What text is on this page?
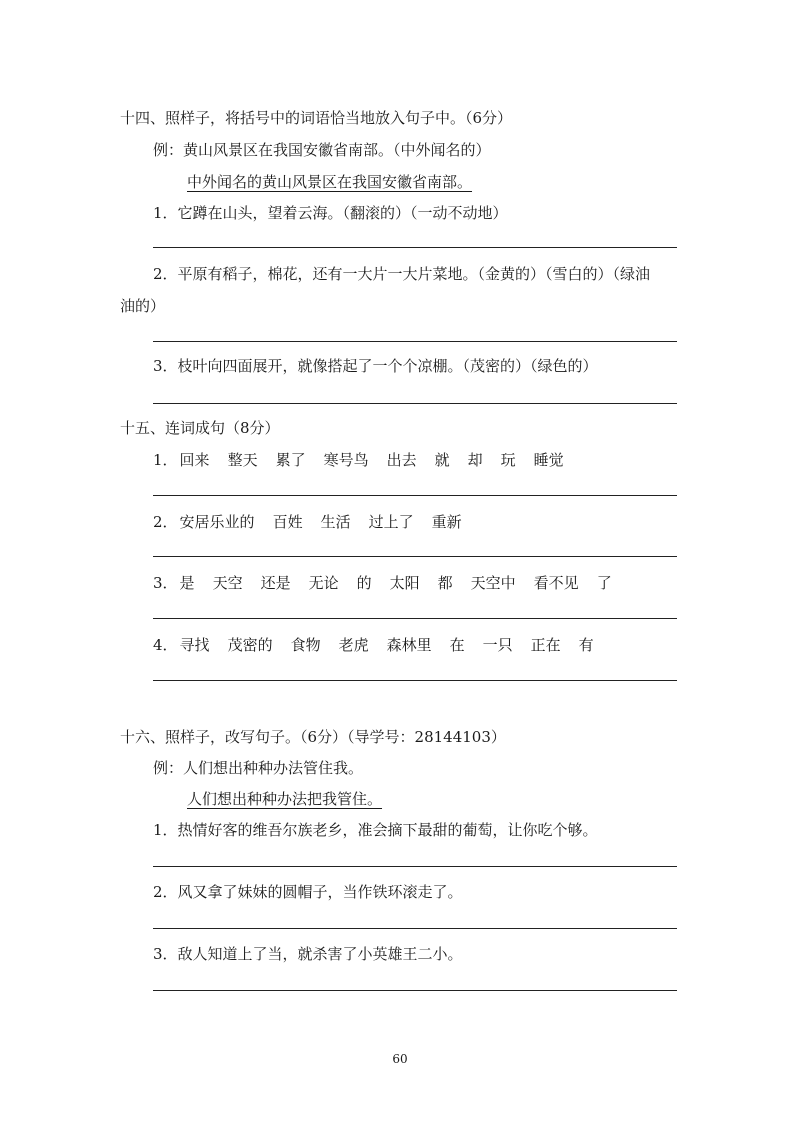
十四、照样子，将括号中的词语恰当地放入句子中。（6分）
例：黄山风景区在我国安徽省南部。（中外闻名的）
中外闻名的黄山风景区在我国安徽省南部。
1．它蹲在山头，望着云海。（翻滚的）（一动不动地）
2．平原有稻子，棉花，还有一大片一大片菜地。（金黄的）（雪白的）（绿油
油的）
3．枝叶向四面展开，就像搭起了一个个凉棚。（茂密的）（绿色的）
十五、连词成句（8分）
1． 回来 整天 累了 寒号鸟 出去 就 却 玩 睡觉
2． 安居乐业的 百姓 生活 过上了 重新
3． 是 天空 还是 无论 的 太阳 都 天空中 看不见 了
4． 寻找 茂密的 食物 老虎 森林里 在 一只 正在 有
十六、照样子，改写句子。（6分）（导学号：28144103）
例：人们想出种种办法管住我。
人们想出种种办法把我管住。
1．热情好客的维吾尔族老乡，准会摘下最甜的葡萄，让你吃个够。
2．风又拿了妹妹的圆帽子，当作铁环滚走了。
3．敌人知道上了当，就杀害了小英雄王二小。
60
